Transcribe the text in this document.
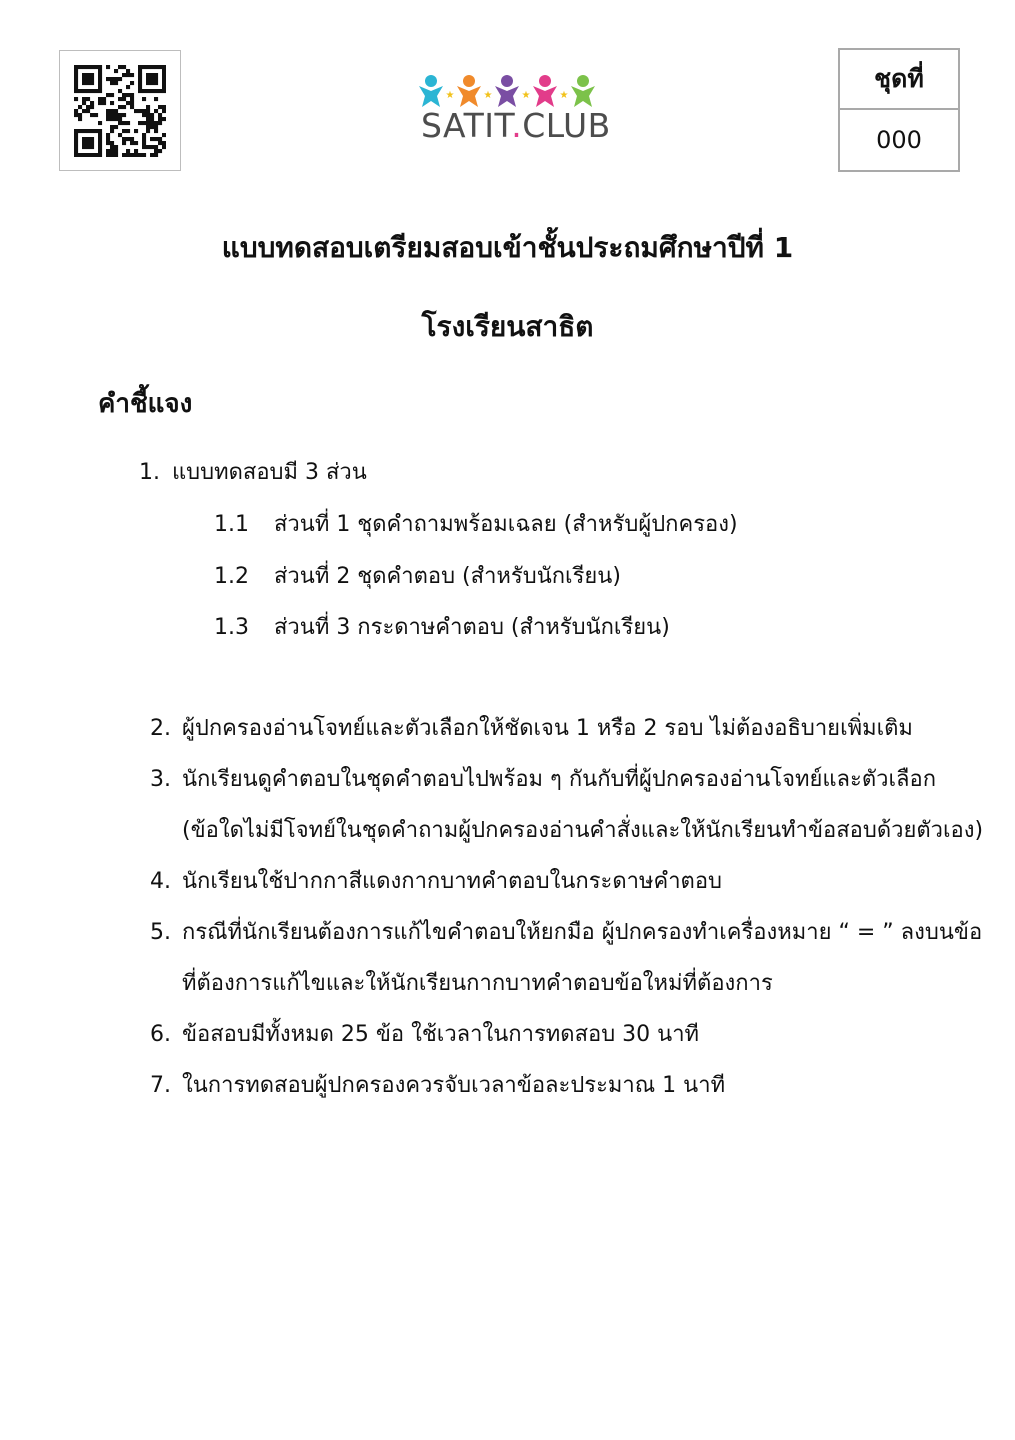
★	★	★	★
SATIT.CLUB
ชุดที่
000
แบบทดสอบเตรียมสอบเข้าชั้นประถมศึกษาปีที่ 1
โรงเรียนสาธิต
คำชี้แจง
1. แบบทดสอบมี 3 ส่วน
1.1 ส่วนที่ 1 ชุดคำถามพร้อมเฉลย (สำหรับผู้ปกครอง)
1.2 ส่วนที่ 2 ชุดคำตอบ (สำหรับนักเรียน)
1.3 ส่วนที่ 3 กระดาษคำตอบ (สำหรับนักเรียน)
2. ผู้ปกครองอ่านโจทย์และตัวเลือกให้ชัดเจน 1 หรือ 2 รอบ ไม่ต้องอธิบายเพิ่มเติม
3. นักเรียนดูคำตอบในชุดคำตอบไปพร้อม ๆ กันกับที่ผู้ปกครองอ่านโจทย์และตัวเลือก
(ข้อใดไม่มีโจทย์ในชุดคำถามผู้ปกครองอ่านคำสั่งและให้นักเรียนทำข้อสอบด้วยตัวเอง)
4. นักเรียนใช้ปากกาสีแดงกากบาทคำตอบในกระดาษคำตอบ
5. กรณีที่นักเรียนต้องการแก้ไขคำตอบให้ยกมือ ผู้ปกครองทำเครื่องหมาย “ = ” ลงบนข้อ
ที่ต้องการแก้ไขและให้นักเรียนกากบาทคำตอบข้อใหม่ที่ต้องการ
6. ข้อสอบมีทั้งหมด 25 ข้อ ใช้เวลาในการทดสอบ 30 นาที
7. ในการทดสอบผู้ปกครองควรจับเวลาข้อละประมาณ 1 นาที
